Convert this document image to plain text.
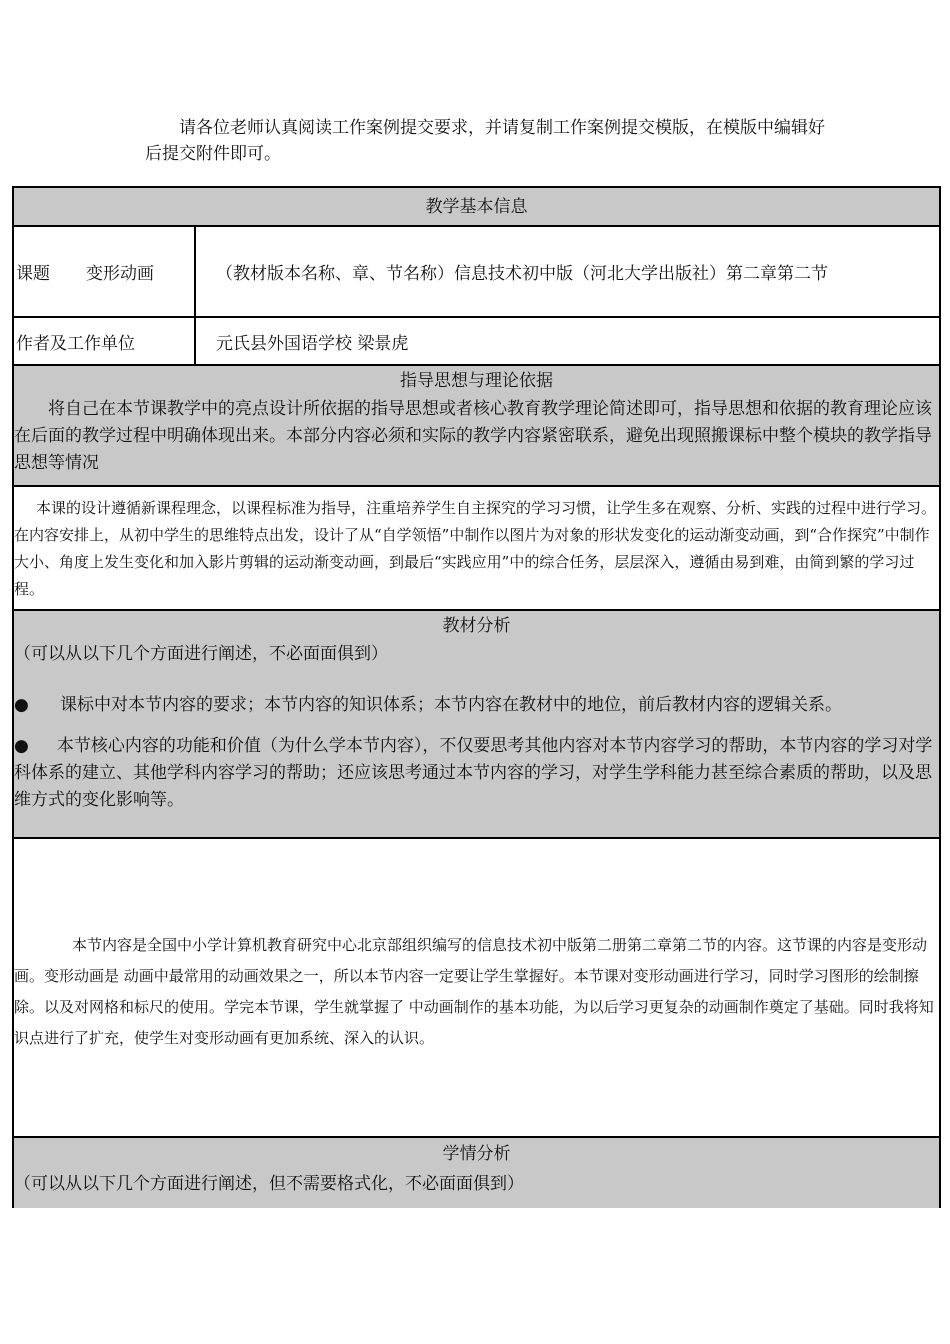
请各位老师认真阅读工作案例提交要求，并请复制工作案例提交模版，在模版中编辑好后提交附件即可。

教学基本信息
课题 变形动画	（教材版本名称、章、节名称）信息技术初中版（河北大学出版社）第二章第二节
作者及工作单位	元氏县外国语学校 梁景虎
指导思想与理论依据

将自己在本节课教学中的亮点设计所依据的指导思想或者核心教育教学理论简述即可，指导思想和依据的教育理论应该在后面的教学过程中明确体现出来。本部分内容必须和实际的教学内容紧密联系，避免出现照搬课标中整个模块的教学指导思想等情况

本课的设计遵循新课程理念，以课程标准为指导，注重培养学生自主探究的学习习惯，让学生多在观察、分析、实践的过程中进行学习。在内容安排上，从初中学生的思维特点出发，设计了从“自学领悟”中制作以图片为对象的形状发变化的运动渐变动画，到“合作探究”中制作大小、角度上发生变化和加入影片剪辑的运动渐变动画，到最后“实践应用”中的综合任务，层层深入，遵循由易到难，由简到繁的学习过程。

教材分析

（可以从以下几个方面进行阐述，不必面面俱到）

●	课标中对本节内容的要求；本节内容的知识体系；本节内容在教材中的地位，前后教材内容的逻辑关系。

● 本节核心内容的功能和价值（为什么学本节内容），不仅要思考其他内容对本节内容学习的帮助，本节内容的学习对学科体系的建立、其他学科内容学习的帮助；还应该思考通过本节内容的学习，对学生学科能力甚至综合素质的帮助，以及思维方式的变化影响等。

本节内容是全国中小学计算机教育研究中心北京部组织编写的信息技术初中版第二册第二章第二节的内容。这节课的内容是变形动画。变形动画是 动画中最常用的动画效果之一，所以本节内容一定要让学生掌握好。本节课对变形动画进行学习，同时学习图形的绘制擦除。以及对网格和标尺的使用。学完本节课，学生就掌握了 中动画制作的基本功能，为以后学习更复杂的动画制作奠定了基础。同时我将知识点进行了扩充，使学生对变形动画有更加系统、深入的认识。

学情分析

（可以从以下几个方面进行阐述，但不需要格式化，不必面面俱到）
